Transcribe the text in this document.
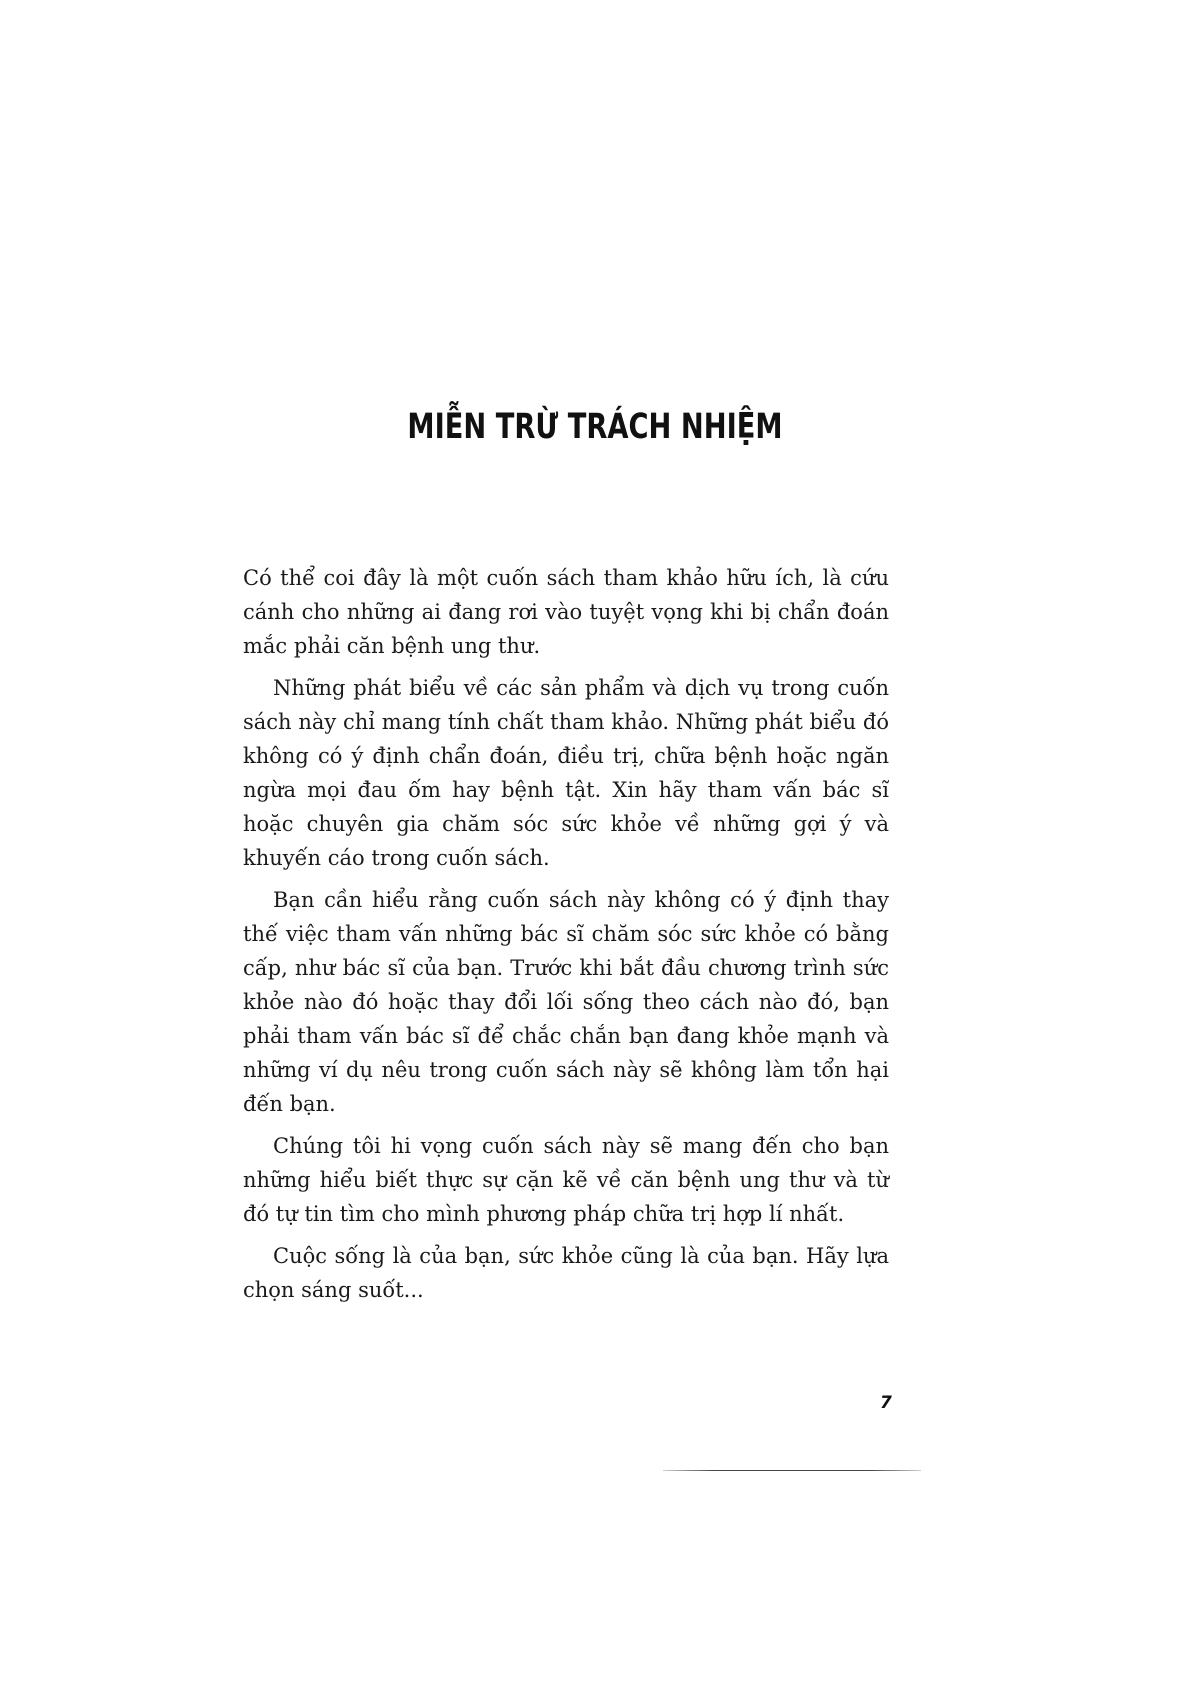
MIỄN TRỪ TRÁCH NHIỆM

Có thể coi đây là một cuốn sách tham khảo hữu ích, là cứu cánh cho những ai đang rơi vào tuyệt vọng khi bị chẩn đoán mắc phải căn bệnh ung thư.

Những phát biểu về các sản phẩm và dịch vụ trong cuốn sách này chỉ mang tính chất tham khảo. Những phát biểu đó không có ý định chẩn đoán, điều trị, chữa bệnh hoặc ngăn ngừa mọi đau ốm hay bệnh tật. Xin hãy tham vấn bác sĩ hoặc chuyên gia chăm sóc sức khỏe về những gợi ý và khuyến cáo trong cuốn sách.

Bạn cần hiểu rằng cuốn sách này không có ý định thay thế việc tham vấn những bác sĩ chăm sóc sức khỏe có bằng cấp, như bác sĩ của bạn. Trước khi bắt đầu chương trình sức khỏe nào đó hoặc thay đổi lối sống theo cách nào đó, bạn phải tham vấn bác sĩ để chắc chắn bạn đang khỏe mạnh và những ví dụ nêu trong cuốn sách này sẽ không làm tổn hại đến bạn.

Chúng tôi hi vọng cuốn sách này sẽ mang đến cho bạn những hiểu biết thực sự cặn kẽ về căn bệnh ung thư và từ đó tự tin tìm cho mình phương pháp chữa trị hợp lí nhất.

Cuộc sống là của bạn, sức khỏe cũng là của bạn. Hãy lựa chọn sáng suốt...

7
